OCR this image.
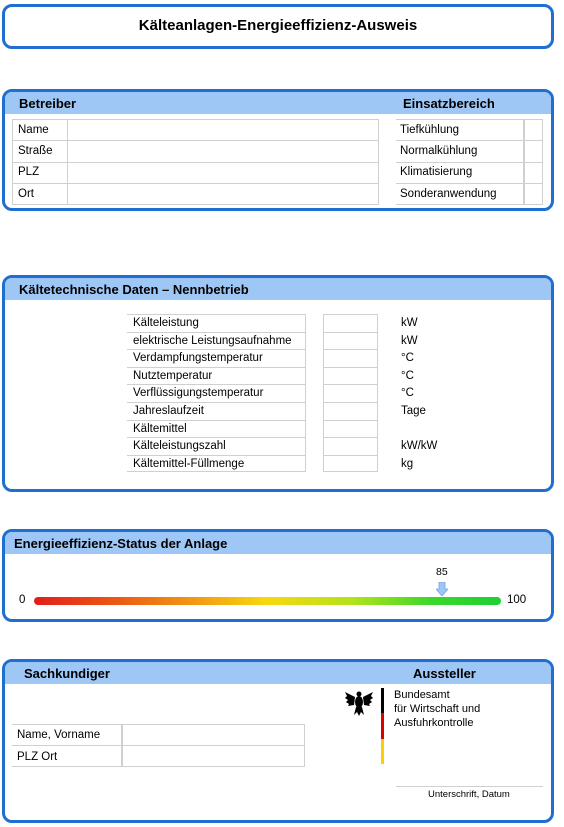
Kälteanlagen-Energieeffizienz-Ausweis
Betreiber	Einsatzbereich
Name
Straße
PLZ
Ort
Tiefkühlung
Normalkühlung
Klimatisierung
Sonderanwendung
Kältetechnische Daten – Nennbetrieb
Kälteleistung	kW
elektrische Leistungsaufnahme	kW
Verdampfungstemperatur	°C
Nutztemperatur	°C
Verflüssigungstemperatur	°C
Jahreslaufzeit	Tage
Kältemittel
Kälteleistungszahl	kW/kW
Kältemittel-Füllmenge	kg
Energieeffizienz-Status der Anlage
0	100
85
Sachkundiger	Aussteller
Name, Vorname
PLZ Ort
Bundesamt
für Wirtschaft und
Ausfuhrkontrolle
Unterschrift, Datum
